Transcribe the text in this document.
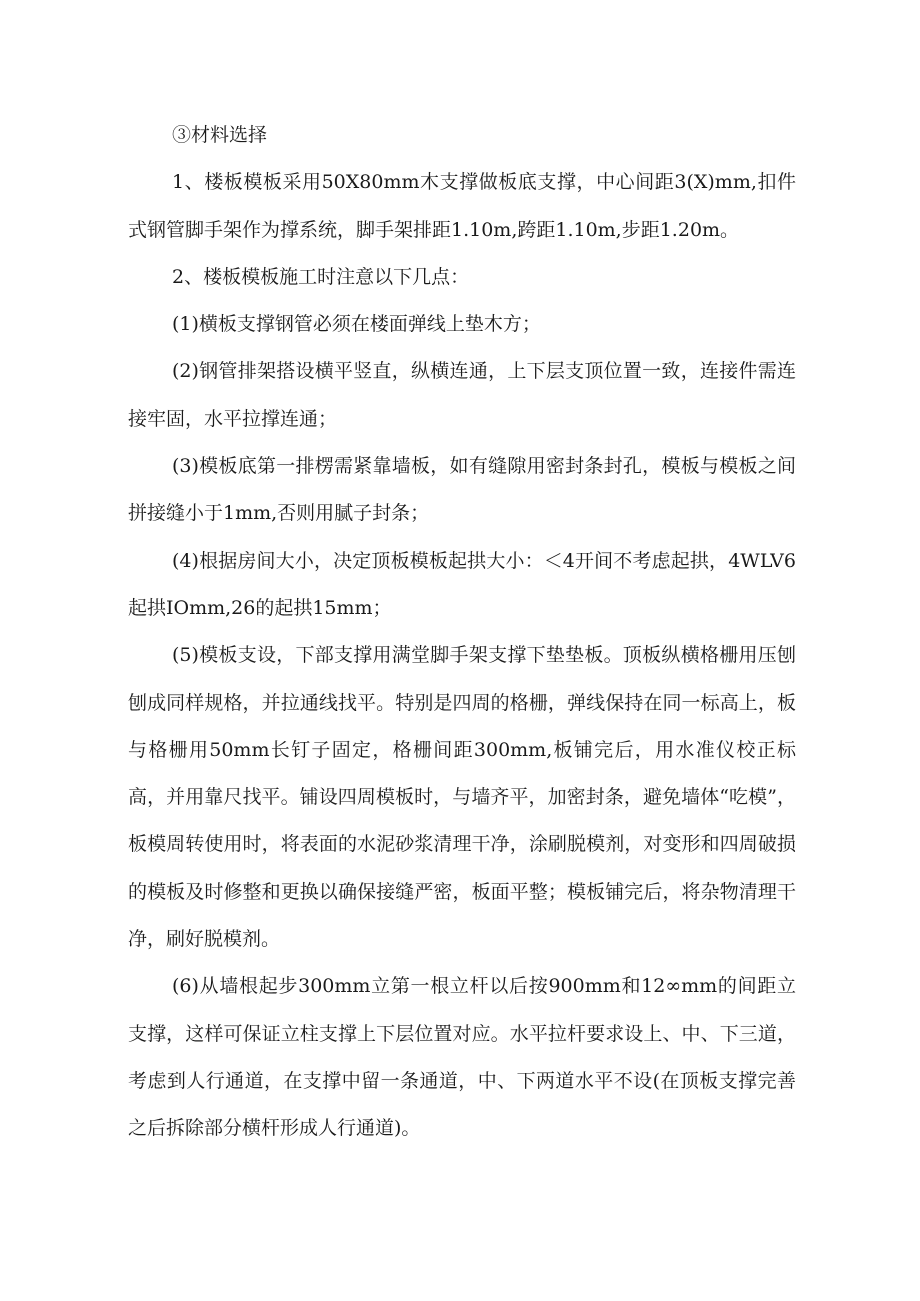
③材料选择

1、楼板模板采用50X80mm木支撑做板底支撑，中心间距3(X)mm,扣件式钢管脚手架作为撑系统，脚手架排距1.10m,跨距1.10m,步距1.20m。

2、楼板模板施工时注意以下几点：

(1)横板支撑钢管必须在楼面弹线上垫木方；

(2)钢管排架搭设横平竖直，纵横连通，上下层支顶位置一致，连接件需连接牢固，水平拉撑连通；

(3)模板底第一排楞需紧靠墙板，如有缝隙用密封条封孔，模板与模板之间拼接缝小于1mm,否则用腻子封条；

(4)根据房间大小，决定顶板模板起拱大小：＜4开间不考虑起拱，4WLV6起拱IOmm,26的起拱15mm；

(5)模板支设，下部支撑用满堂脚手架支撑下垫垫板。顶板纵横格栅用压刨刨成同样规格，并拉通线找平。特别是四周的格栅，弹线保持在同一标高上，板与格栅用50mm长钉子固定，格栅间距300mm,板铺完后，用水准仪校正标高，并用靠尺找平。铺设四周模板时，与墙齐平，加密封条，避免墙体“吃模”，板模周转使用时，将表面的水泥砂浆清理干净，涂刷脱模剂，对变形和四周破损的模板及时修整和更换以确保接缝严密，板面平整；模板铺完后，将杂物清理干净，刷好脱模剂。

(6)从墙根起步300mm立第一根立杆以后按900mm和12∞mm的间距立支撑，这样可保证立柱支撑上下层位置对应。水平拉杆要求设上、中、下三道，考虑到人行通道，在支撑中留一条通道，中、下两道水平不设(在顶板支撑完善之后拆除部分横杆形成人行通道)。
